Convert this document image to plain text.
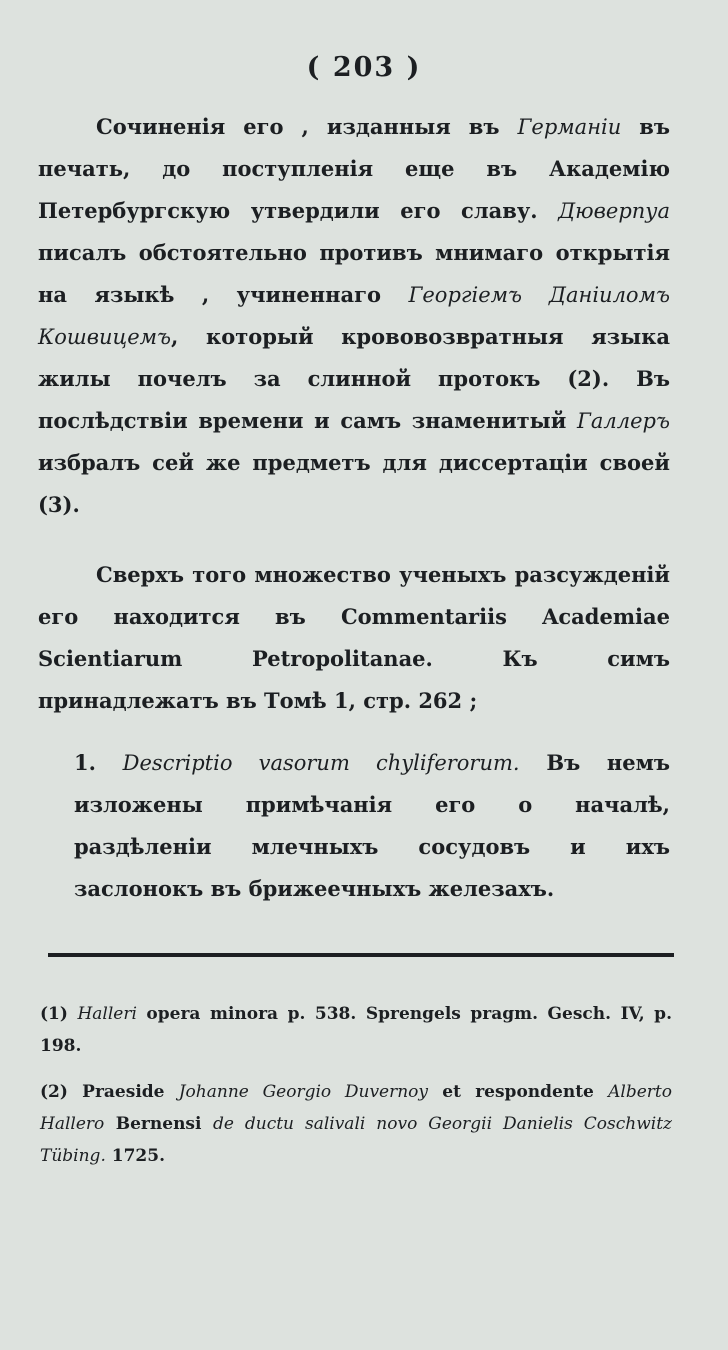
( 203 )

Сочиненія его , изданныя въ Германіи въ печать, до поступленія еще въ Академію Петербургскую утвердили его славу. Дюверпуа писалъ обстоятельно противъ мнимаго открытія на языкѣ , учиненнаго Георгіемъ Даніиломъ Кошвицемъ, который крововозвратныя языка жилы почелъ за слинной протокъ (2). Въ послѣдствіи времени и самъ знаменитый Галлеръ избралъ сей же предметъ для диссертаціи своей (3).

Сверхъ того множество ученыхъ разсужденій его находится въ Commentariis Academiae Scientiarum Petropolitanae. Къ симъ принадлежатъ въ Томѣ 1, стр. 262 ;

1. Descriptio vasorum chyliferorum. Въ немъ изложены примѣчанія его о началѣ, раздѣленіи млечныхъ сосудовъ и ихъ заслонокъ въ брижеечныхъ железахъ.

(1) Halleri opera minora p. 538. Sprengels pragm. Gesch. IV, p. 198.

(2) Praeside Johanne Georgio Duvernoy et respondente Alberto Hallero Bernensi de ductu salivali novo Georgii Danielis Coschwitz Tübing. 1725.
